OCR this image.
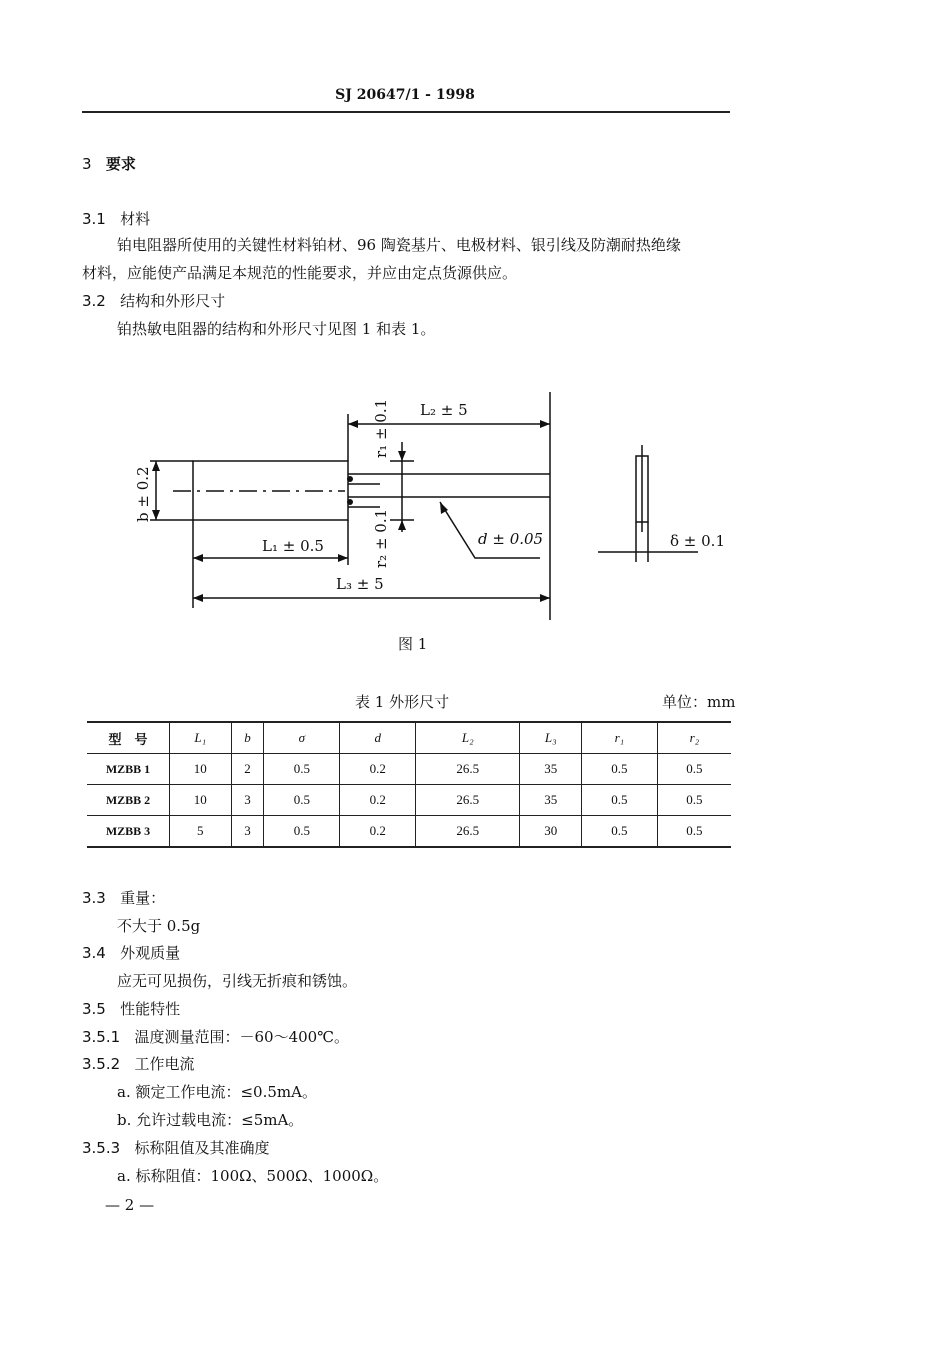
SJ 20647/1 - 1998
3 要求
3.1 材料
铂电阻器所使用的关键性材料铂材、96 陶瓷基片、电极材料、银引线及防潮耐热绝缘
材料，应能使产品满足本规范的性能要求，并应由定点货源供应。
3.2 结构和外形尺寸
铂热敏电阻器的结构和外形尺寸见图 1 和表 1。
b ± 0.2
L₁ ± 0.5
L₂ ± 5
L₃ ± 5
r₁ ± 0.1
r₂ ± 0.1	d ± 0.05	δ ± 0.1
图 1
表 1 外形尺寸	单位：mm
型　号	L₁	b	σ	d	L₂	L₃	r₁	r₂
MZBB 1	10	2	0.5	0.2	26.5	35	0.5	0.5
MZBB 2	10	3	0.5	0.2	26.5	35	0.5	0.5
MZBB 3	5	3	0.5	0.2	26.5	30	0.5	0.5
3.3 重量：
不大于 0.5g
3.4 外观质量
应无可见损伤，引线无折痕和锈蚀。
3.5 性能特性
3.5.1 温度测量范围：－60～400℃。
3.5.2 工作电流
a. 额定工作电流：≤0.5mA。
b. 允许过载电流：≤5mA。
3.5.3 标称阻值及其准确度
a. 标称阻值：100Ω、500Ω、1000Ω。
— 2 —
